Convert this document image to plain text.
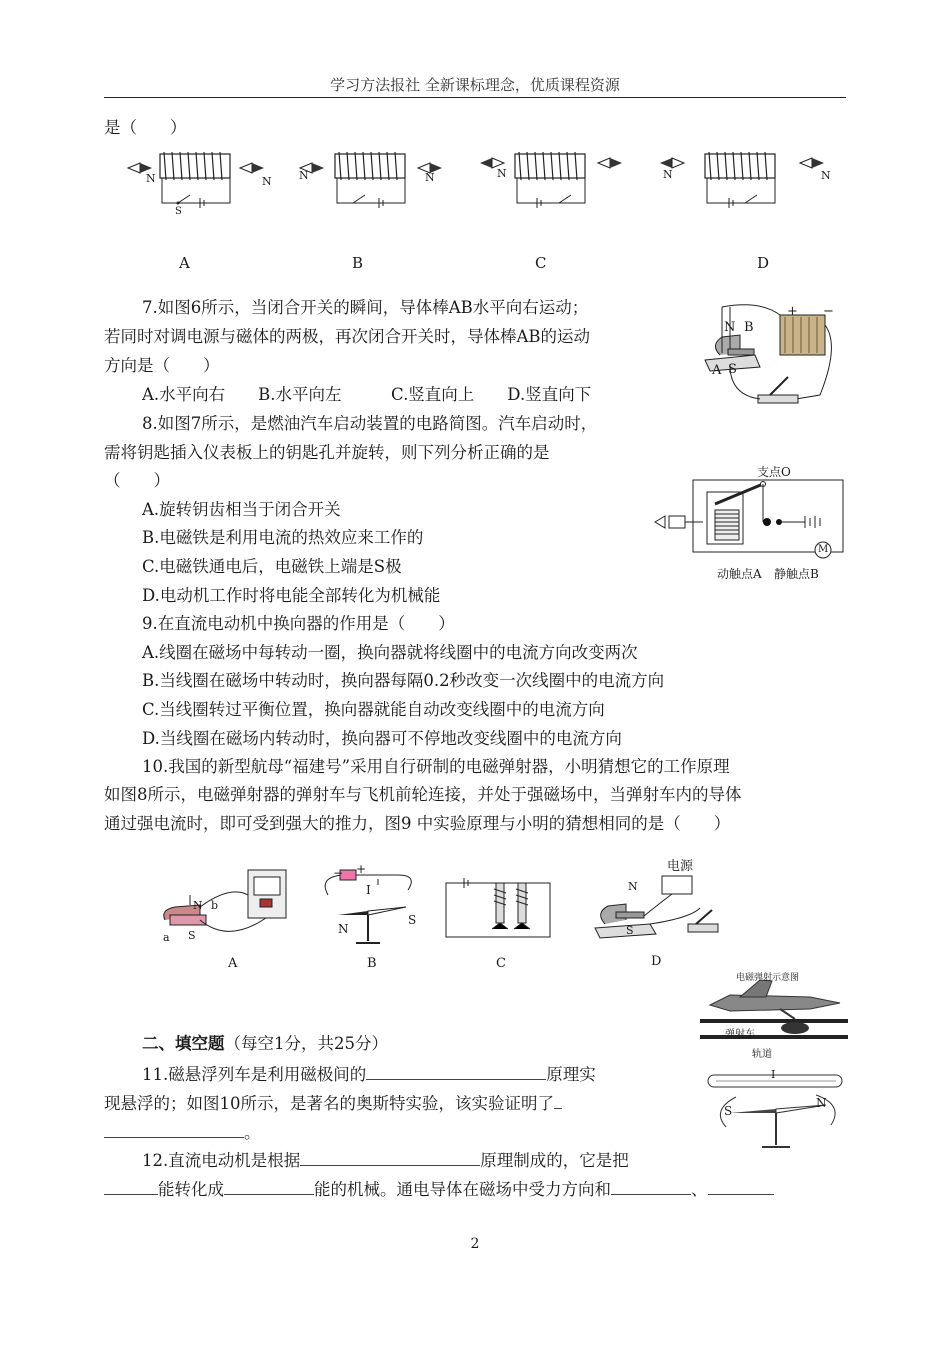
学习方法报社 全新课标理念，优质课程资源
是（　　）
N	N N	N	N	N	N
S
A	B	C	D
7.如图6所示，当闭合开关的瞬间，导体棒AB水平向右运动；
若同时对调电源与磁体的两极，再次闭合开关时，导体棒AB的运动
方向是（　　）
A.水平向右　　B.水平向左　　　C.竖直向上　　D.竖直向下
N B
A S
+ −
8.如图7所示，是燃油汽车启动装置的电路简图。汽车启动时，
需将钥匙插入仪表板上的钥匙孔并旋转，则下列分析正确的是
（　　）
A.旋转钥齿相当于闭合开关
B.电磁铁是利用电流的热效应来工作的
C.电磁铁通电后，电磁铁上端是S极
D.电动机工作时将电能全部转化为机械能
支点O
动触点A 静触点B
M
9.在直流电动机中换向器的作用是（　　）
A.线圈在磁场中每转动一圈，换向器就将线圈中的电流方向改变两次
B.当线圈在磁场中转动时，换向器每隔0.2秒改变一次线圈中的电流方向
C.当线圈转过平衡位置，换向器就能自动改变线圈中的电流方向
D.当线圈在磁场内转动时，换向器可不停地改变线圈中的电流方向
10.我国的新型航母“福建号”采用自行研制的电磁弹射器，小明猜想它的工作原理
如图8所示，电磁弹射器的弹射车与飞机前轮连接，并处于强磁场中，当弹射车内的导体
通过强电流时，即可受到强大的推力，图9 中实验原理与小明的猜想相同的是（　　）
N b
a S
− +
I
N
S
电源
N
S
A	B	C	D
电磁弹射示意图
弹射车
轨道
二、填空题（每空1分，共25分）
11.磁悬浮列车是利用磁极间的	原理实
现悬浮的；如图10所示，是著名的奥斯特实验，该实验证明了
。
I
S
N
12.直流电动机是根据	原理制成的，它是把
能转化成	能的机械。通电导体在磁场中受力方向和	、
2
